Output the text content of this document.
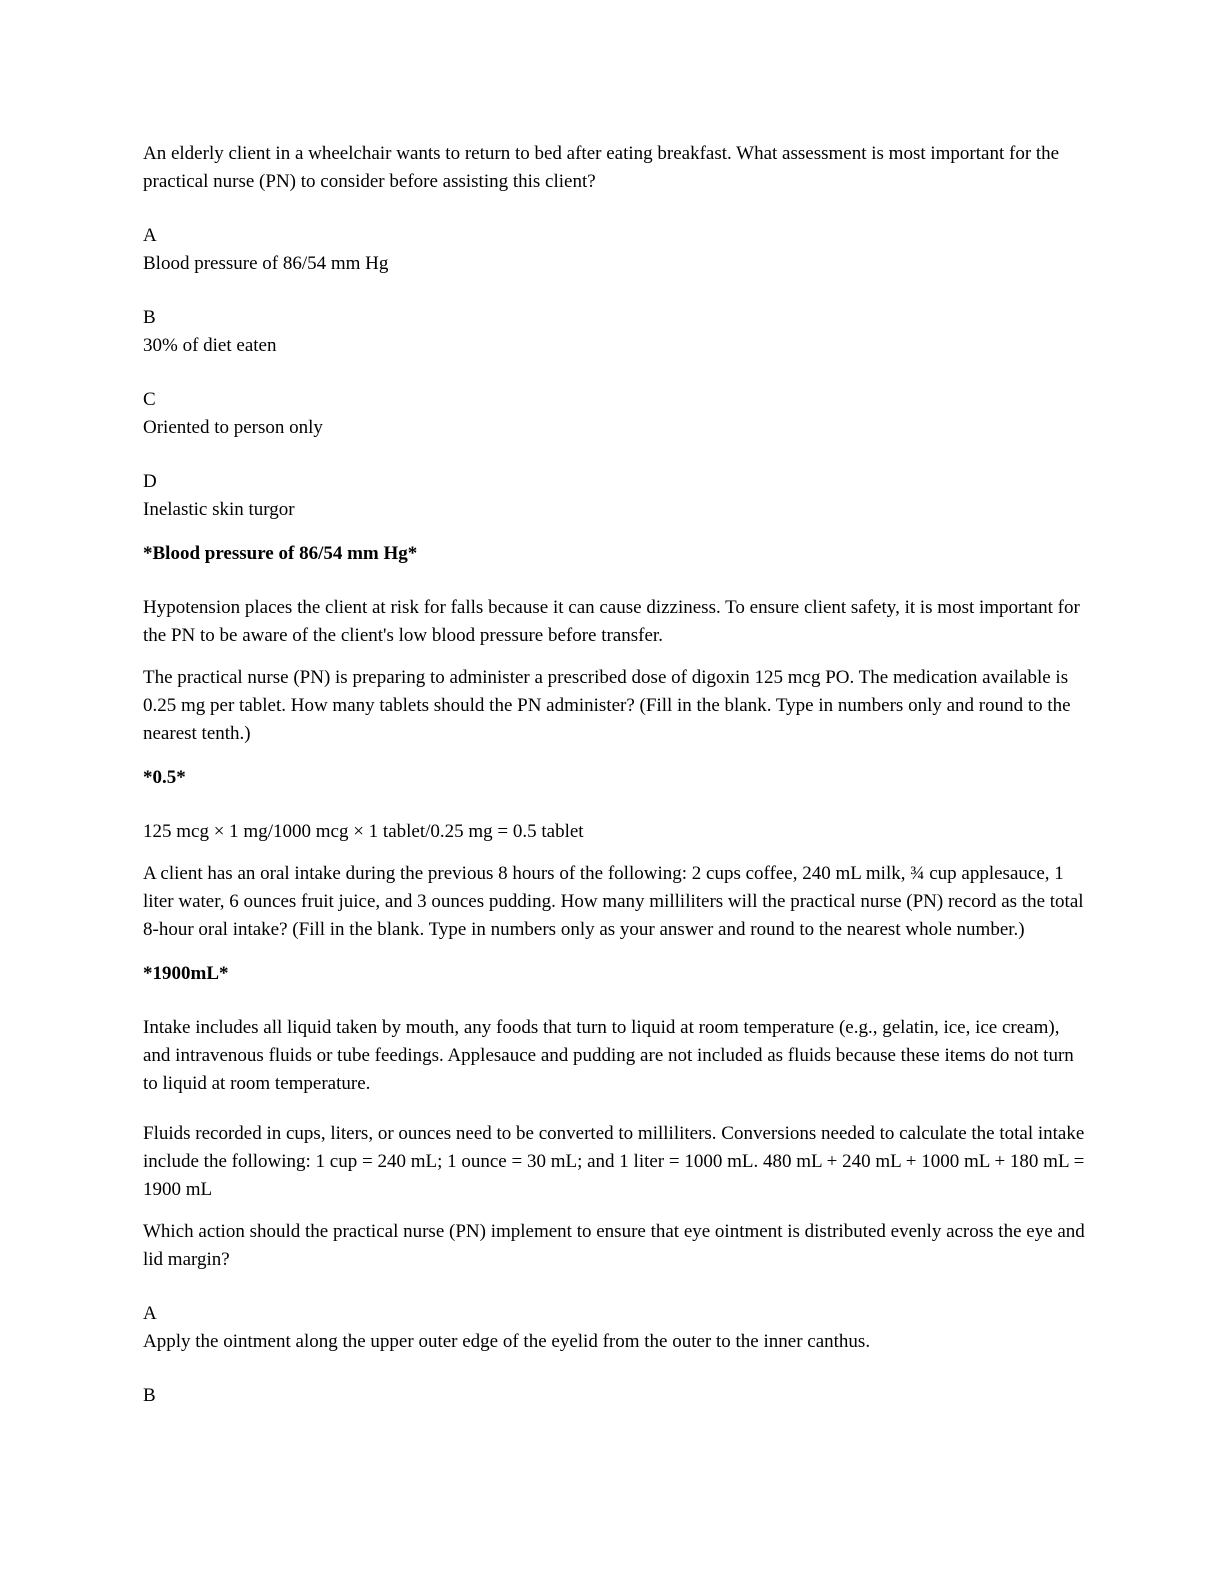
An elderly client in a wheelchair wants to return to bed after eating breakfast. What assessment is most important for the practical nurse (PN) to consider before assisting this client?

A
Blood pressure of 86/54 mm Hg
B
30% of diet eaten
C
Oriented to person only
D
Inelastic skin turgor

*Blood pressure of 86/54 mm Hg*

Hypotension places the client at risk for falls because it can cause dizziness. To ensure client safety, it is most important for the PN to be aware of the client's low blood pressure before transfer.

The practical nurse (PN) is preparing to administer a prescribed dose of digoxin 125 mcg PO. The medication available is 0.25 mg per tablet. How many tablets should the PN administer? (Fill in the blank. Type in numbers only and round to the nearest tenth.)

*0.5*

125 mcg × 1 mg/1000 mcg × 1 tablet/0.25 mg = 0.5 tablet

A client has an oral intake during the previous 8 hours of the following: 2 cups coffee, 240 mL milk, ¾ cup applesauce, 1 liter water, 6 ounces fruit juice, and 3 ounces pudding. How many milliliters will the practical nurse (PN) record as the total 8-hour oral intake? (Fill in the blank. Type in numbers only as your answer and round to the nearest whole number.)

*1900mL*

Intake includes all liquid taken by mouth, any foods that turn to liquid at room temperature (e.g., gelatin, ice, ice cream), and intravenous fluids or tube feedings. Applesauce and pudding are not included as fluids because these items do not turn to liquid at room temperature.

Fluids recorded in cups, liters, or ounces need to be converted to milliliters. Conversions needed to calculate the total intake include the following: 1 cup = 240 mL; 1 ounce = 30 mL; and 1 liter = 1000 mL. 480 mL + 240 mL + 1000 mL + 180 mL = 1900 mL

Which action should the practical nurse (PN) implement to ensure that eye ointment is distributed evenly across the eye and lid margin?

A
Apply the ointment along the upper outer edge of the eyelid from the outer to the inner canthus.
B
